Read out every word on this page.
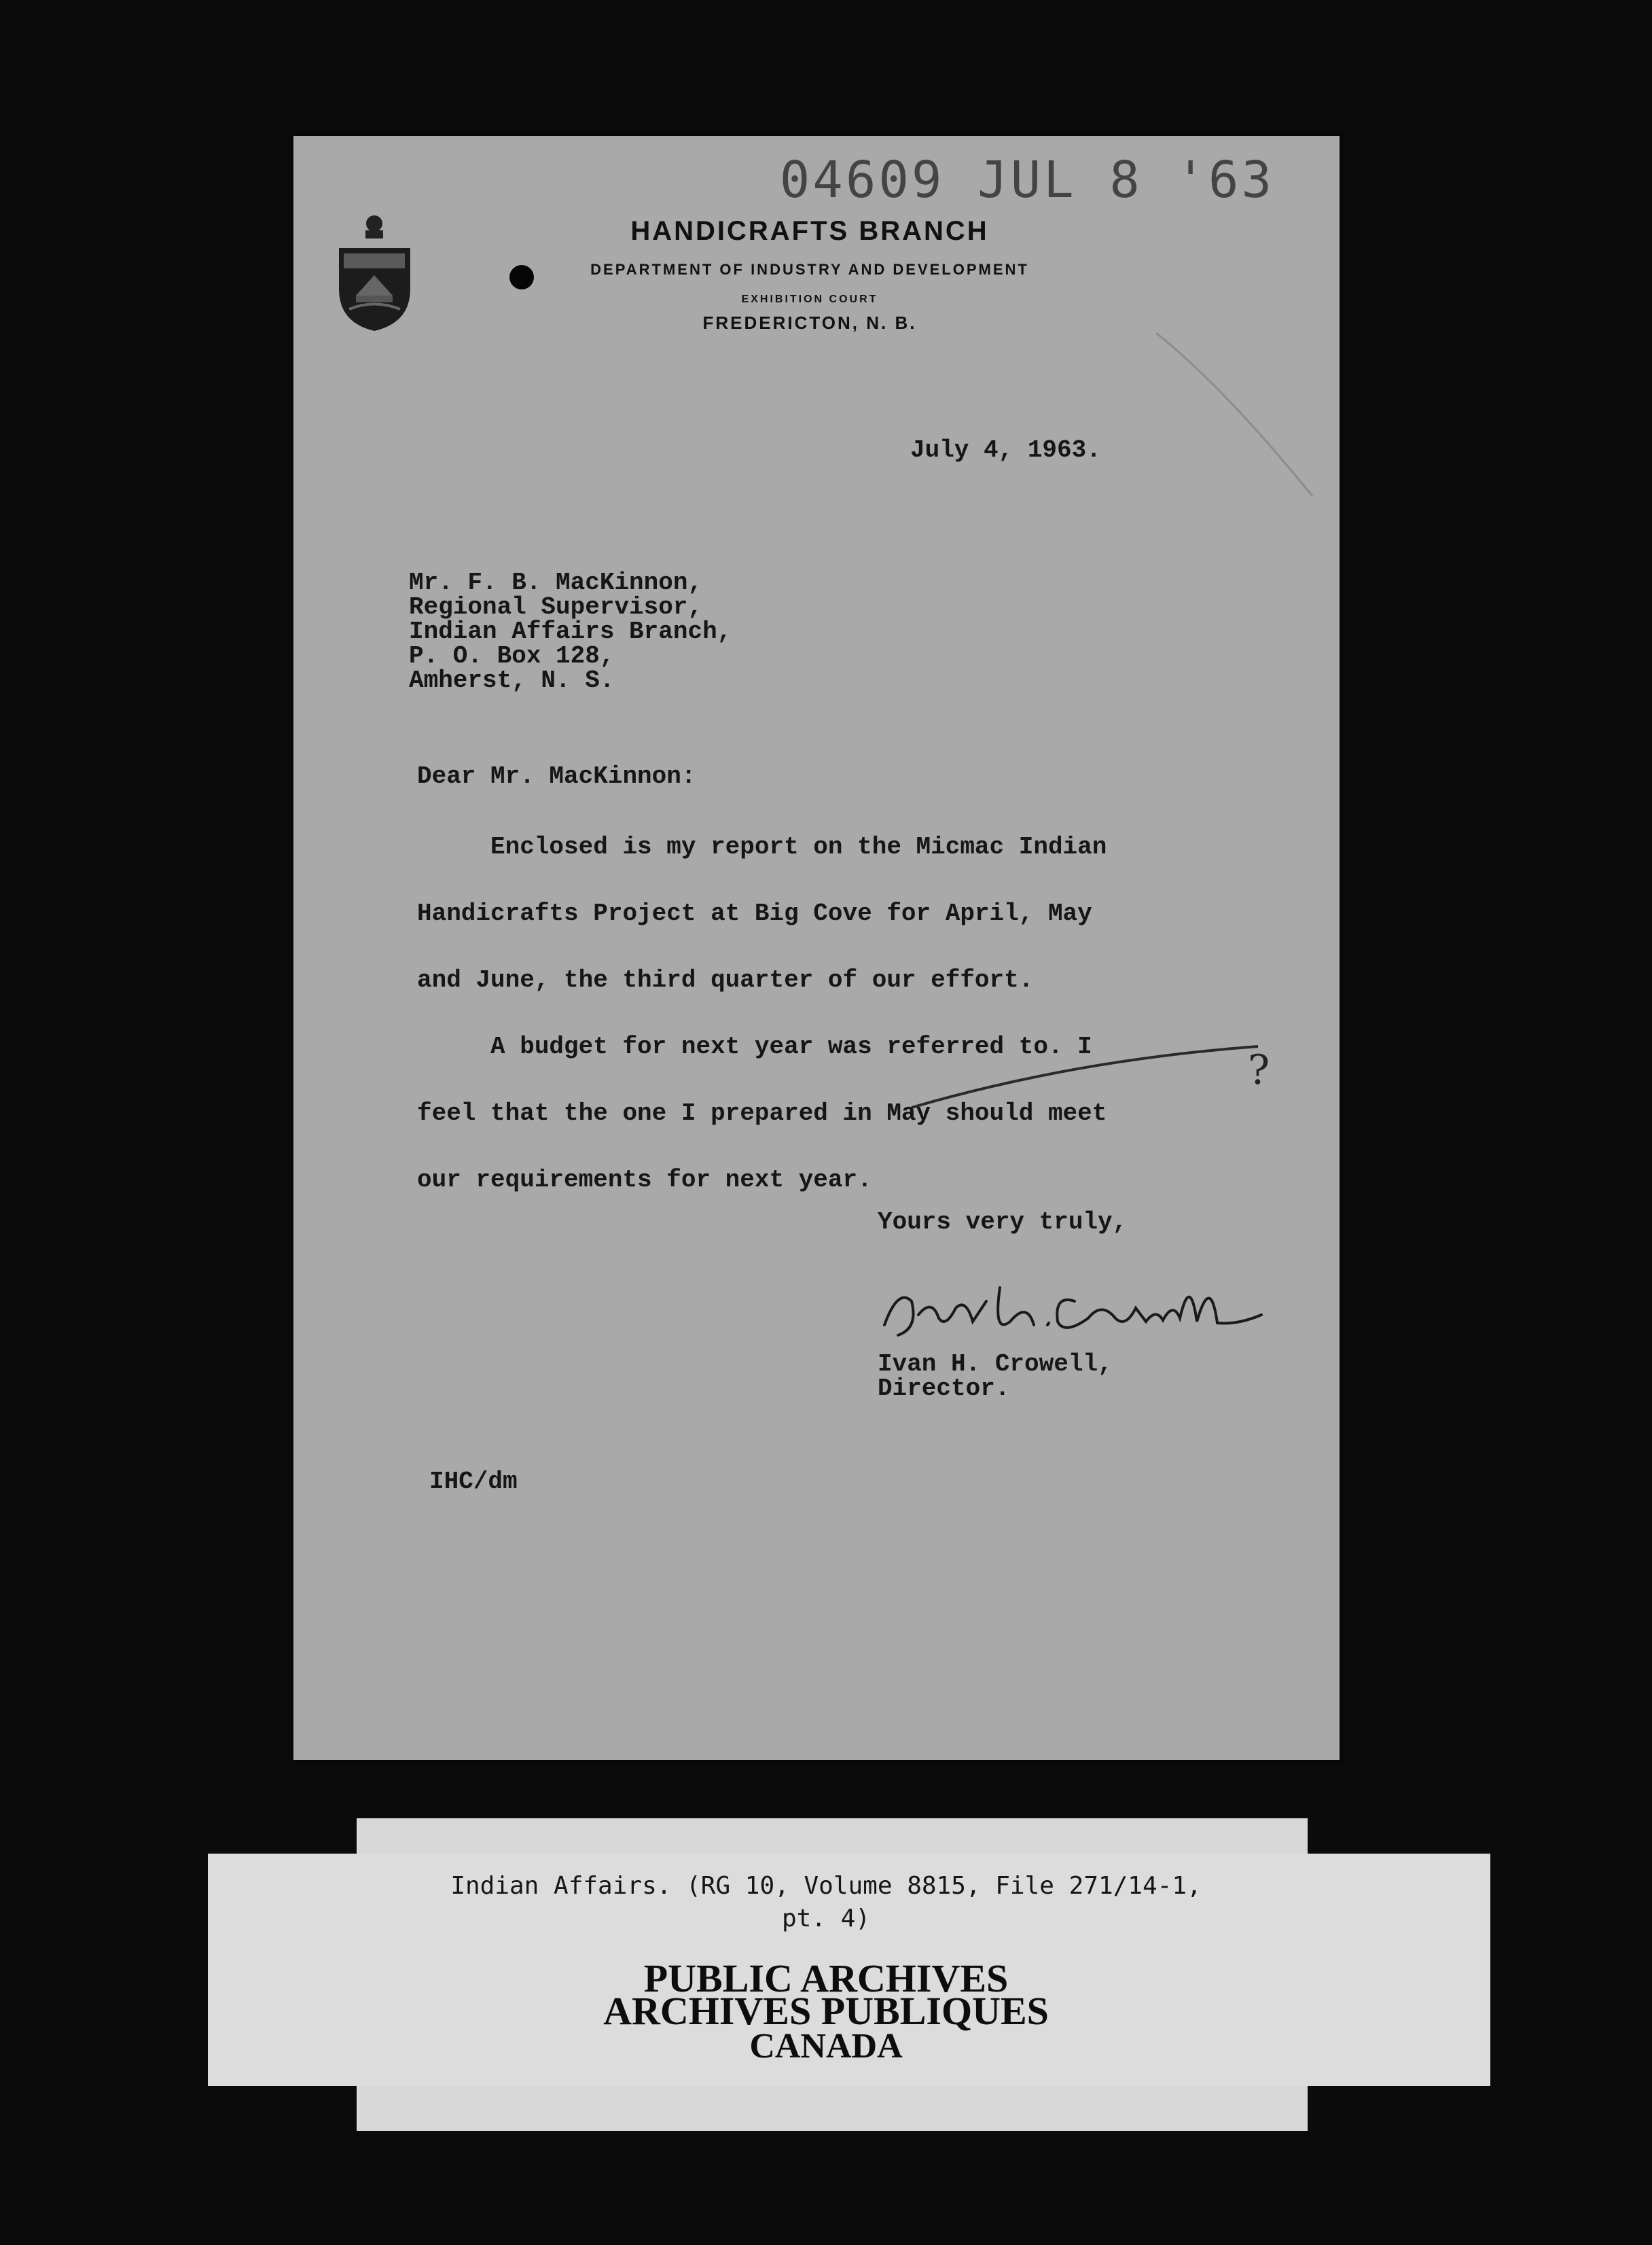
04609 JUL 8 '63
HANDICRAFTS BRANCH
DEPARTMENT OF INDUSTRY AND DEVELOPMENT
EXHIBITION COURT
FREDERICTON, N. B.
July 4, 1963.
Mr. F. B. MacKinnon,
Regional Supervisor,
Indian Affairs Branch,
P. O. Box 128,
Amherst, N. S.
Dear Mr. MacKinnon:
Enclosed is my report on the Micmac Indian
Handicrafts Project at Big Cove for April, May
and June, the third quarter of our effort.
A budget for next year was referred to. I
feel that the one I prepared in May should meet
our requirements for next year.
?
Yours very truly,
Ivan H. Crowell,
Director.
IHC/dm
Indian Affairs. (RG 10, Volume 8815, File 271/14-1,
pt. 4)
PUBLIC ARCHIVES
ARCHIVES PUBLIQUES
CANADA
